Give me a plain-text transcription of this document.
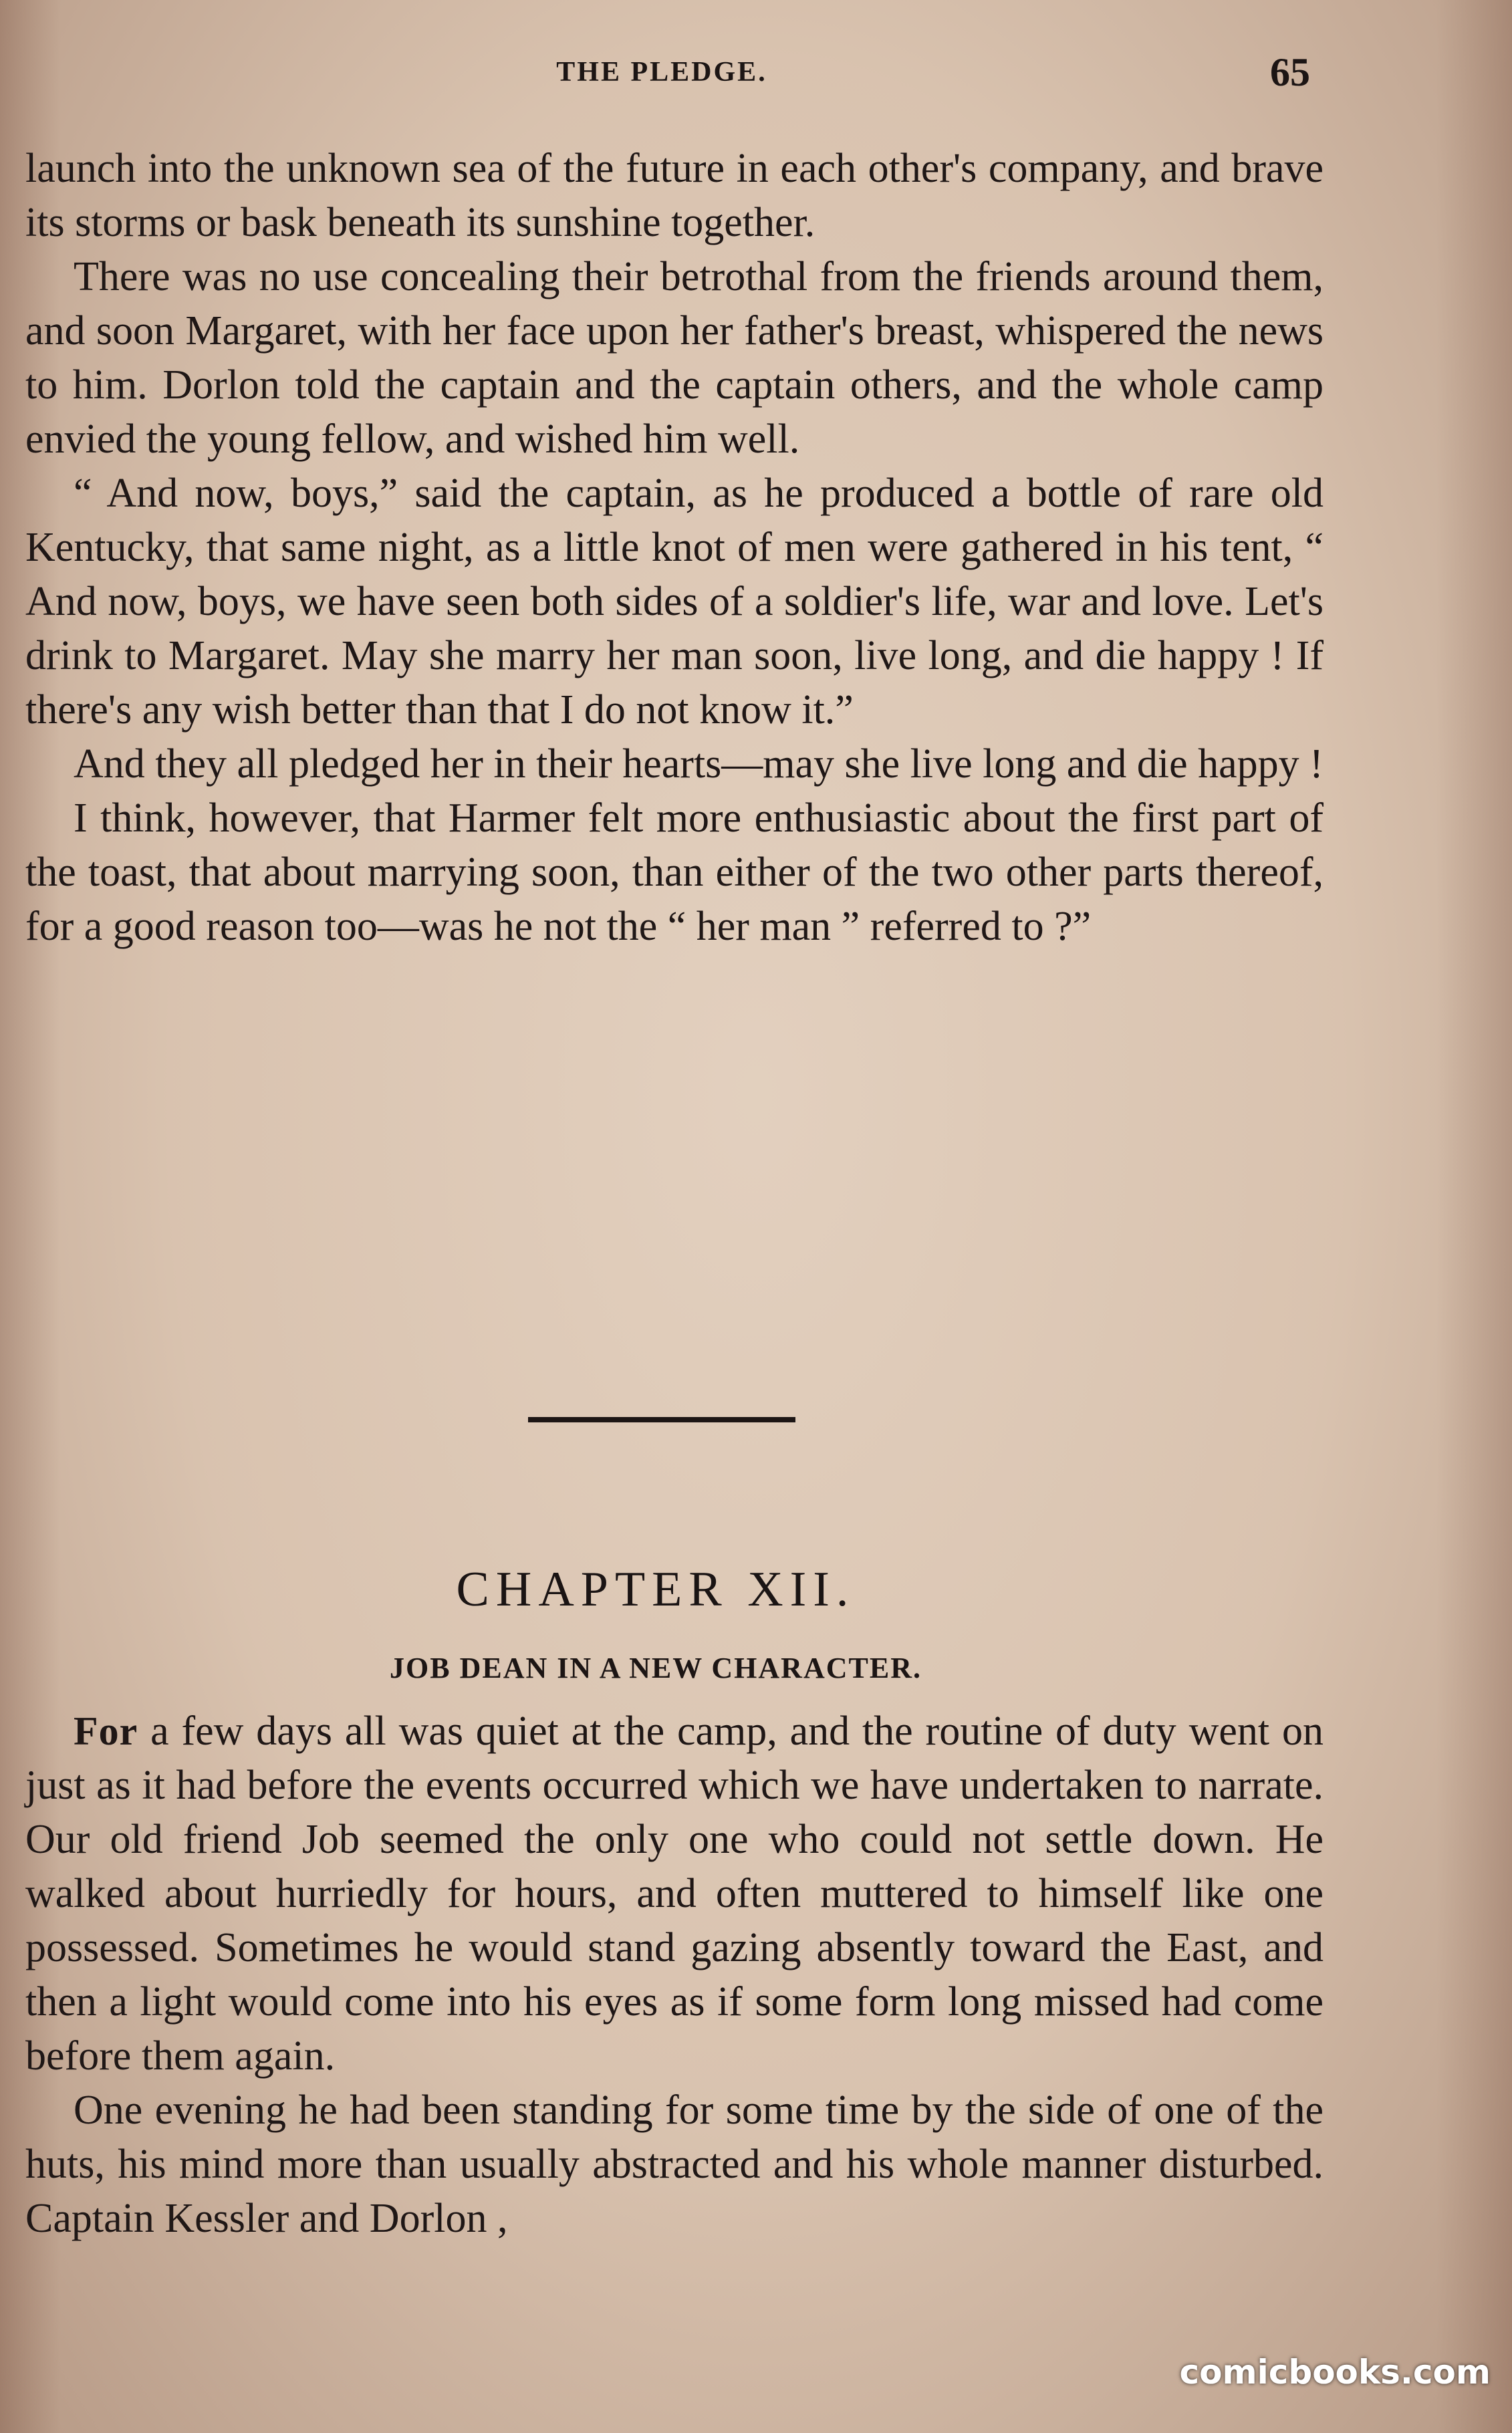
THE PLEDGE.	65

launch into the unknown sea of the future in each other's company, and brave its storms or bask beneath its sunshine together.

There was no use concealing their betrothal from the friends around them, and soon Margaret, with her face upon her father's breast, whispered the news to him. Dorlon told the captain and the captain others, and the whole camp envied the young fellow, and wished him well.

“ And now, boys,” said the captain, as he produced a bottle of rare old Kentucky, that same night, as a little knot of men were gathered in his tent, “ And now, boys, we have seen both sides of a soldier's life, war and love. Let's drink to Margaret. May she marry her man soon, live long, and die happy ! If there's any wish better than that I do not know it.”

And they all pledged her in their hearts—may she live long and die happy !

I think, however, that Harmer felt more enthusiastic about the first part of the toast, that about marrying soon, than either of the two other parts thereof, for a good reason too—was he not the “ her man ” referred to ?”

CHAPTER XII.
JOB DEAN IN A NEW CHARACTER.

For a few days all was quiet at the camp, and the routine of duty went on just as it had before the events occurred which we have undertaken to narrate. Our old friend Job seemed the only one who could not settle down. He walked about hurriedly for hours, and often muttered to himself like one possessed. Sometimes he would stand gazing absently toward the East, and then a light would come into his eyes as if some form long missed had come before them again.

One evening he had been standing for some time by the side of one of the huts, his mind more than usually abstracted and his whole manner disturbed. Captain Kessler and Dorlon ,

comicbooks.com
